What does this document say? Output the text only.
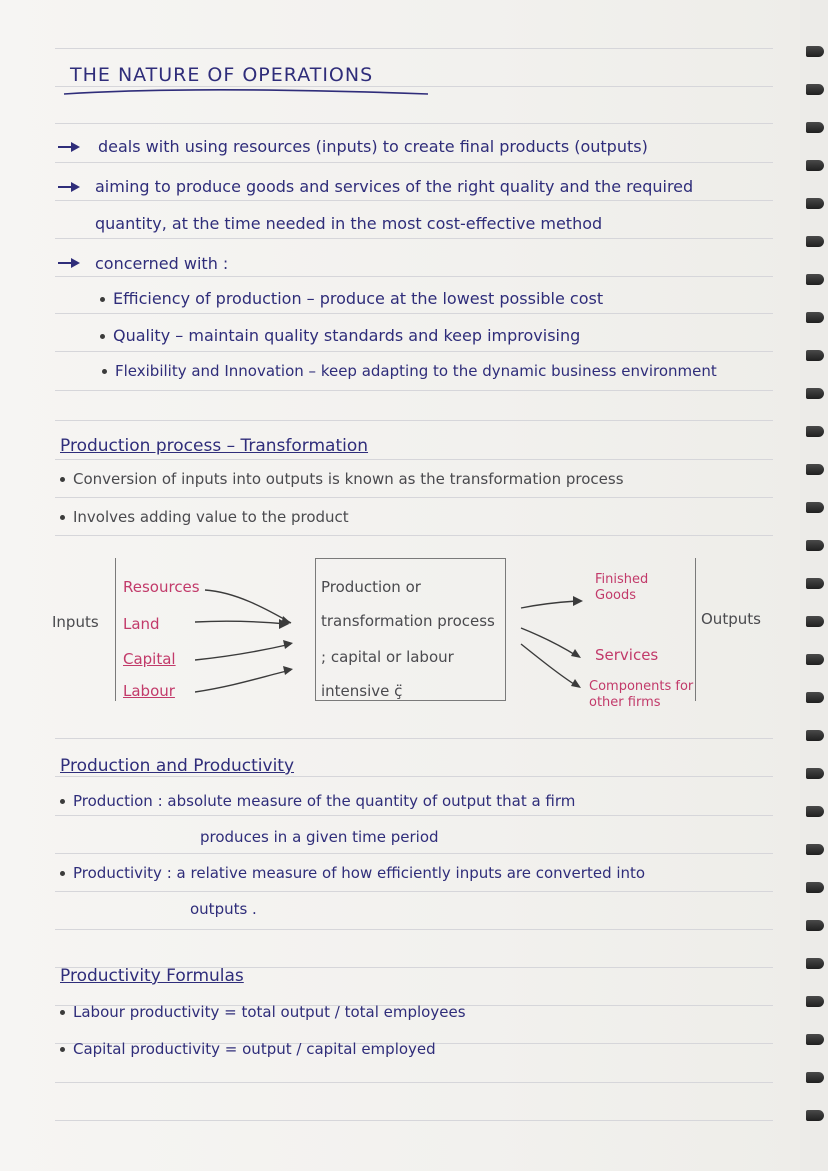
THE NATURE OF OPERATIONS
deals with using resources (inputs) to create final products (outputs)
aiming to produce goods and services of the right quality and the required
quantity, at the time needed in the most cost-effective method
concerned with :
Efficiency of production – produce at the lowest possible cost
Quality – maintain quality standards and keep improvising
Flexibility and Innovation – keep adapting to the dynamic business environment
Production process – Transformation
Conversion of inputs into outputs is known as the transformation process
Involves adding value to the product
Inputs
Resources
Land
Capital
Labour
Production or
transformation process
; capital or labour
intensive ç̈
Finished Goods
Services
Components for other firms
Outputs
Production and Productivity
Production : absolute measure of the quantity of output that a firm
produces in a given time period
Productivity : a relative measure of how efficiently inputs are converted into
outputs .
Productivity Formulas
Labour productivity = total output / total employees
Capital productivity = output / capital employed
